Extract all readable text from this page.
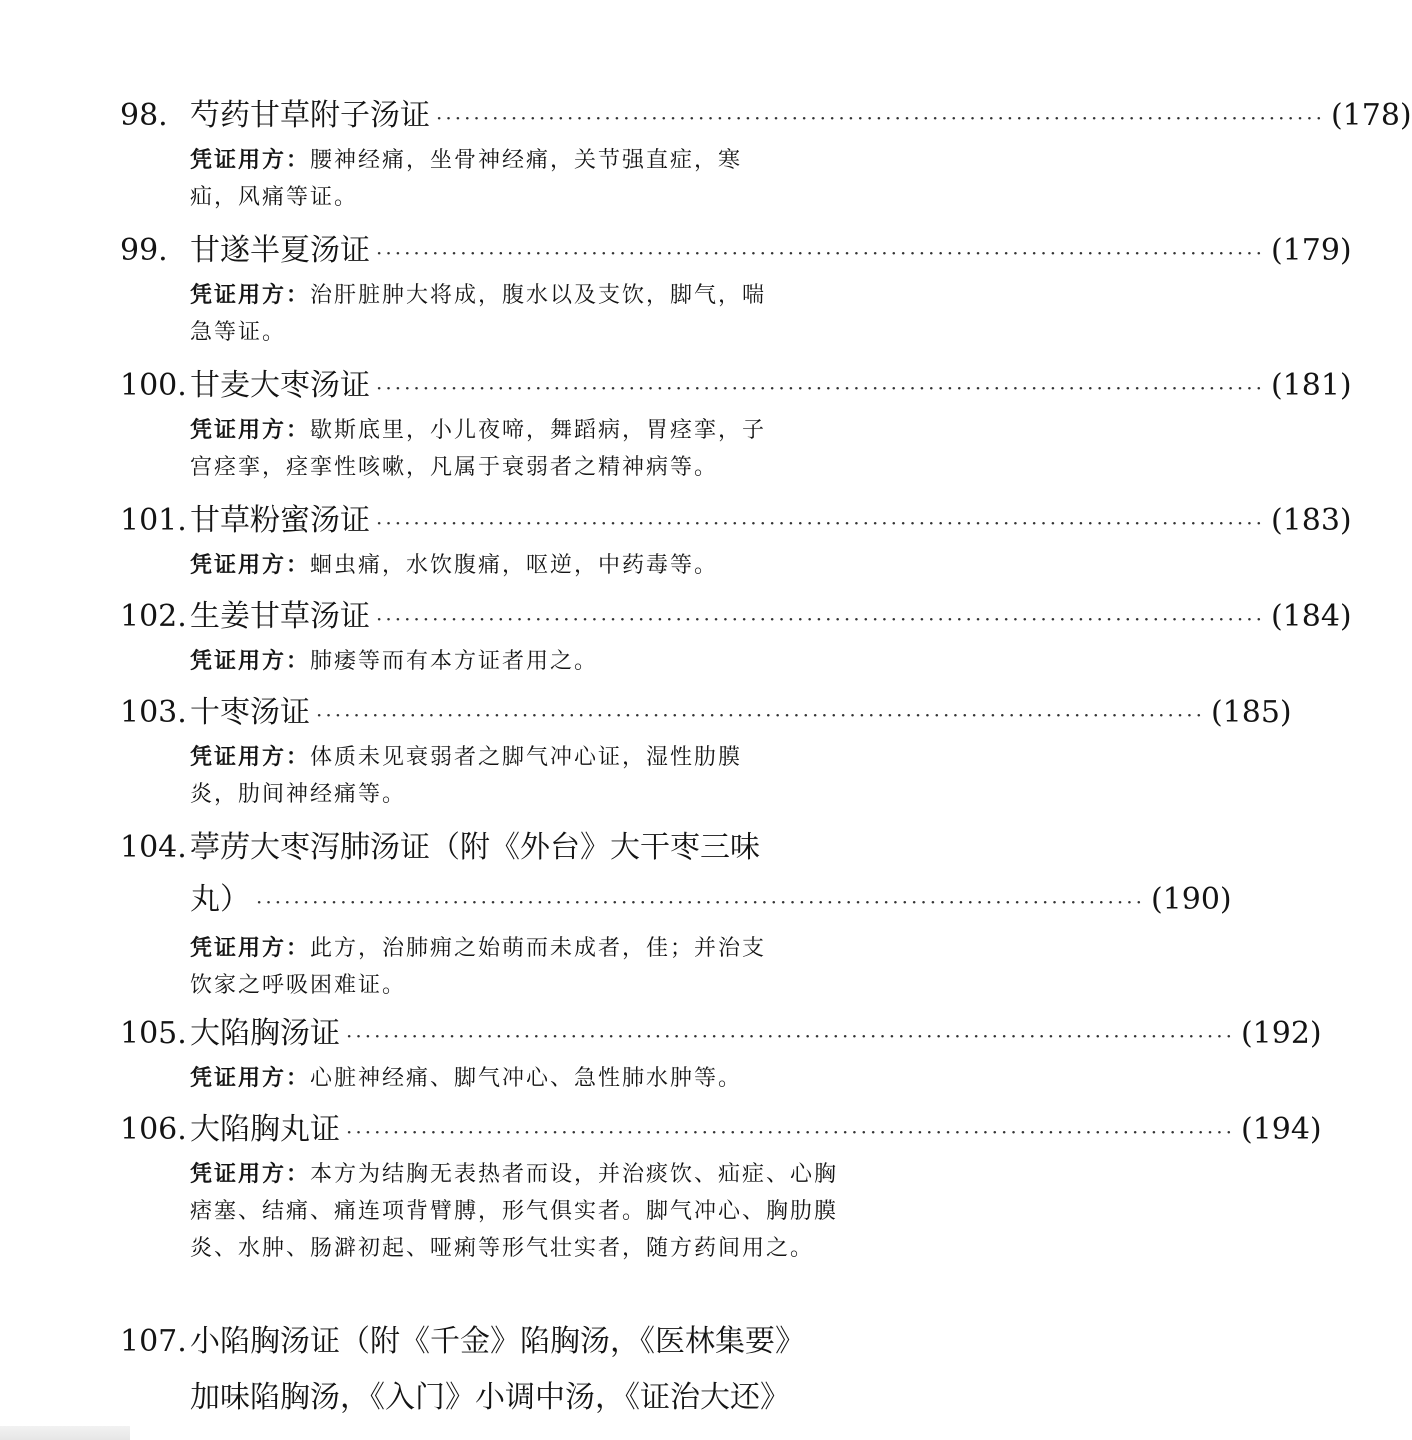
98. 芍药甘草附子汤证 ······························································································· (178)
凭证用方：腰神经痛，坐骨神经痛，关节强直症，寒疝，风痛等证。
99. 甘遂半夏汤证 ······························································································· (179)
凭证用方：治肝脏肿大将成，腹水以及支饮，脚气，喘急等证。
100. 甘麦大枣汤证 ······························································································· (181)
凭证用方：歇斯底里，小儿夜啼，舞蹈病，胃痉挛，子宫痉挛，痉挛性咳嗽，凡属于衰弱者之精神病等。
101. 甘草粉蜜汤证 ······························································································· (183)
凭证用方：蛔虫痛，水饮腹痛，呕逆，中药毒等。
102. 生姜甘草汤证 ······························································································· (184)
凭证用方：肺痿等而有本方证者用之。
103. 十枣汤证 ······························································································· (185)
凭证用方：体质未见衰弱者之脚气冲心证，湿性肋膜炎，肋间神经痛等。
104. 葶苈大枣泻肺汤证（附《外台》大干枣三味
丸） ······························································································· (190)
凭证用方：此方，治肺痈之始萌而未成者，佳；并治支饮家之呼吸困难证。
105. 大陷胸汤证 ······························································································· (192)
凭证用方：心脏神经痛、脚气冲心、急性肺水肿等。
106. 大陷胸丸证 ······························································································· (194)
凭证用方：本方为结胸无表热者而设，并治痰饮、疝症、心胸痞塞、结痛、痛连项背臂膊，形气俱实者。脚气冲心、胸肋膜炎、水肿、肠澼初起、哑痢等形气壮实者，随方药间用之。
107. 小陷胸汤证（附《千金》陷胸汤，《医林集要》
加味陷胸汤，《入门》小调中汤，《证治大还》
